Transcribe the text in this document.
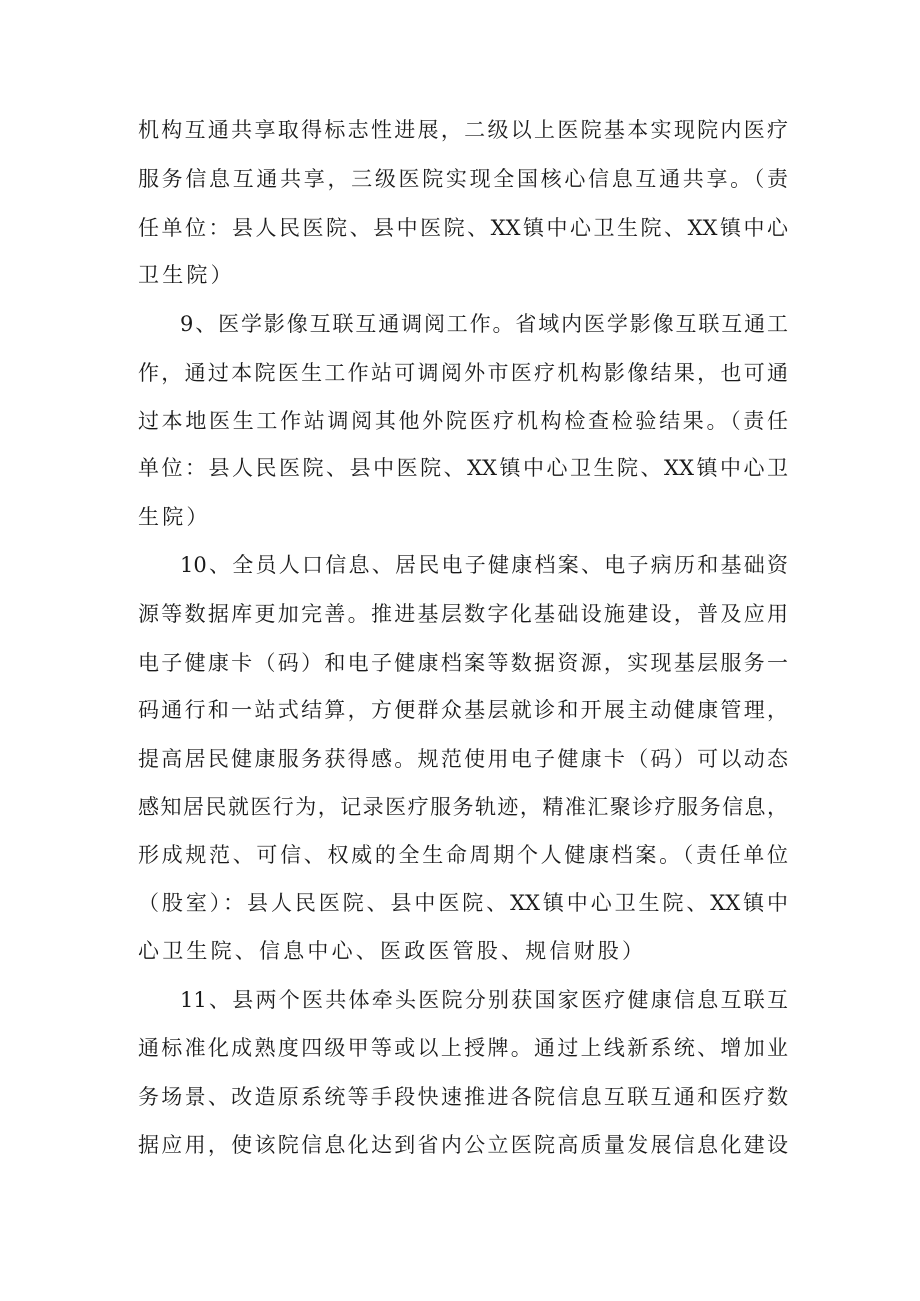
机构互通共享取得标志性进展，二级以上医院基本实现院内医疗
服务信息互通共享，三级医院实现全国核心信息互通共享。（责
任单位：县人民医院、县中医院、XX镇中心卫生院、XX镇中心
卫生院）
9、医学影像互联互通调阅工作。省域内医学影像互联互通工
作，通过本院医生工作站可调阅外市医疗机构影像结果，也可通
过本地医生工作站调阅其他外院医疗机构检查检验结果。（责任
单位：县人民医院、县中医院、XX镇中心卫生院、XX镇中心卫
生院）
10、全员人口信息、居民电子健康档案、电子病历和基础资
源等数据库更加完善。推进基层数字化基础设施建设，普及应用
电子健康卡（码）和电子健康档案等数据资源，实现基层服务一
码通行和一站式结算，方便群众基层就诊和开展主动健康管理，
提高居民健康服务获得感。规范使用电子健康卡（码）可以动态
感知居民就医行为，记录医疗服务轨迹，精准汇聚诊疗服务信息，
形成规范、可信、权威的全生命周期个人健康档案。（责任单位
（股室）：县人民医院、县中医院、XX镇中心卫生院、XX镇中
心卫生院、信息中心、医政医管股、规信财股）
11、县两个医共体牵头医院分别获国家医疗健康信息互联互
通标准化成熟度四级甲等或以上授牌。通过上线新系统、增加业
务场景、改造原系统等手段快速推进各院信息互联互通和医疗数
据应用，使该院信息化达到省内公立医院高质量发展信息化建设
